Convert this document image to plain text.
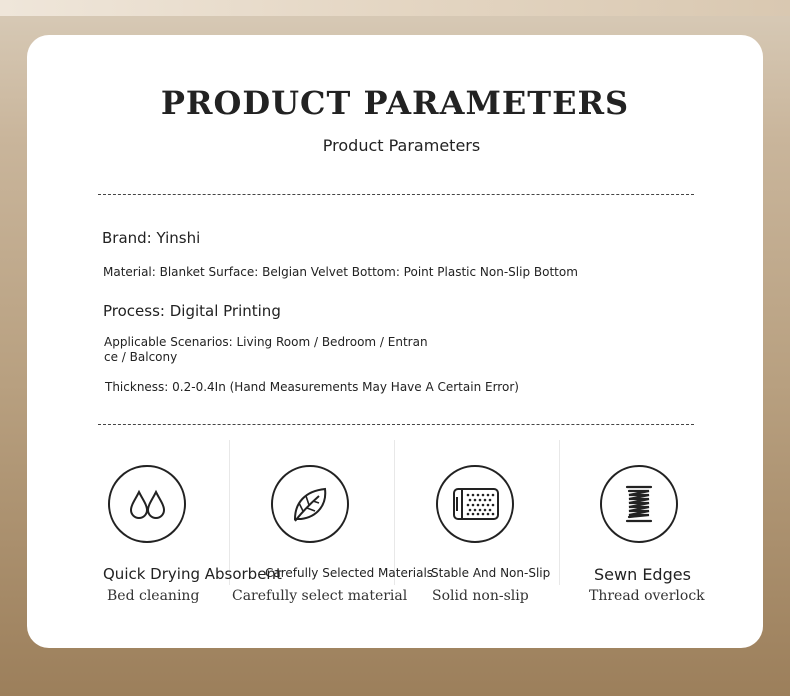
PRODUCT PARAMETERS
Product Parameters
Brand: Yinshi
Material: Blanket Surface: Belgian Velvet Bottom: Point Plastic Non-Slip Bottom
Process: Digital Printing
Applicable Scenarios: Living Room / Bedroom / Entran
ce / Balcony
Thickness: 0.2-0.4In (Hand Measurements May Have A Certain Error)
Quick Drying Absorbent
Bed cleaning
Carefully Selected Materials
Carefully select material
Stable And Non-Slip
Solid non-slip
Sewn Edges
Thread overlock
